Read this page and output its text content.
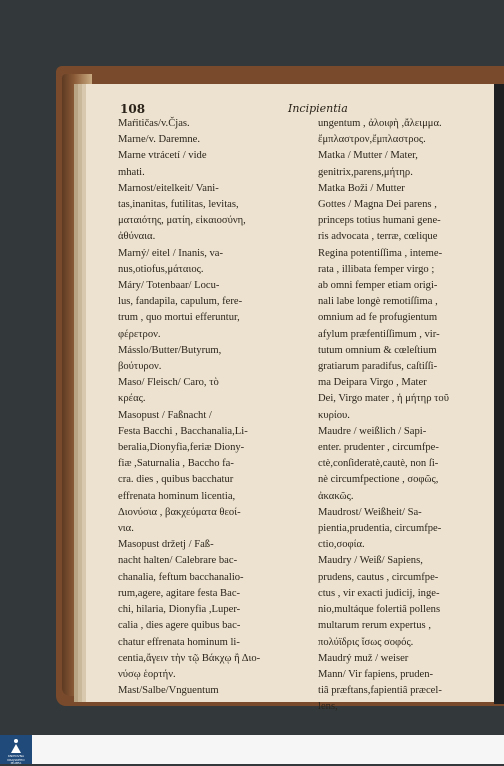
108	Incipientia
Maŕitičas/v.Čjas.
Marne/v. Daremne.
Marne vtrácetí / vide
mhati.
Marnost/eitelkeit/ Vani-
tas,inanitas, futilitas, levitas,
ματαιότης, ματίη, εἰκαιοσύνη,
ἀθύναια.
Marný/ eitel / Inanis, va-
nus,otiofus,μάταιος.
Máry/ Totenbaar/ Locu-
lus, fandapila, capulum, fere-
trum , quo mortui efferuntur,
φέρετρον.
Másslo/Butter/Butyrum,
βούτυρον.
Maso/ Fleisch/ Caro, τὸ
κρέας.
Masopust / Faßnacht /
Festa Bacchi , Bacchanalia,Li-
beralia,Dionyfia,feriæ Diony-
fiæ ,Saturnalia , Baccho fa-
cra. dies , quibus bacchatur
effrenata hominum licentia,
Διονύσια , βακχεύματα θεοί-
νια.
Masopust držetj / Faß-
nacht halten/ Calebrare bac-
chanalia, feftum bacchanalio-
rum,agere, agitare festa Bac-
chi, hilaria, Dionyfia ,Luper-
calia , dies agere quibus bac-
chatur effrenata hominum li-
centia,ἄγειν τὴν τῷ Βάκχῳ ἢ Διο-
νύσῳ ἑορτήν.
Mast/Salbe/Vnguentum
ungentum , ἀλοιφὴ ,ἄλειμμα.
ἔμπλαστρον,ἔμπλαστρος.
Matka / Mutter / Mater,
genitrix,parens,μήτηρ.
Matka Boži / Mutter
Gottes / Magna Dei parens ,
princeps totius humani gene-
ris advocata , terræ, cœlique
Regina potentiſſima , inteme-
rata , illibata femper virgo ;
ab omni femper etiam origi-
nali labe longè remotiſſima ,
omnium ad fe profugientum
afylum præfentiſſimum , vir-
tutum omnium & cœleſtium
gratiarum paradifus, caſtiſſi-
ma Deipara Virgo , Mater
Dei, Virgo mater , ἡ μήτηρ τοῦ
κυρίου.
Maudre / weißlich / Sapi-
enter. prudenter , circumfpe-
ctè,conſideratè,cautè, non ſi-
nè circumfpectione , σοφῶς,
ἀκακῶς.
Maudrost/ Weißheit/ Sa-
pientia,prudentia, circumfpe-
ctio,σοφία.
Maudry / Weiß/ Sapiens,
prudens, cautus , circumfpe-
ctus , vir exacti judicij, inge-
nio,multáque folertiâ pollens
multarum rerum expertus ,
πολύϊδρις ἴσως σοφός.
Maudrý muž / weiser
Mann/ Vir fapiens, pruden-
tiâ præftans,fapientiâ præcel-
lens,
KNIHOVNA
KRAJSKÉHO
MUZEA
